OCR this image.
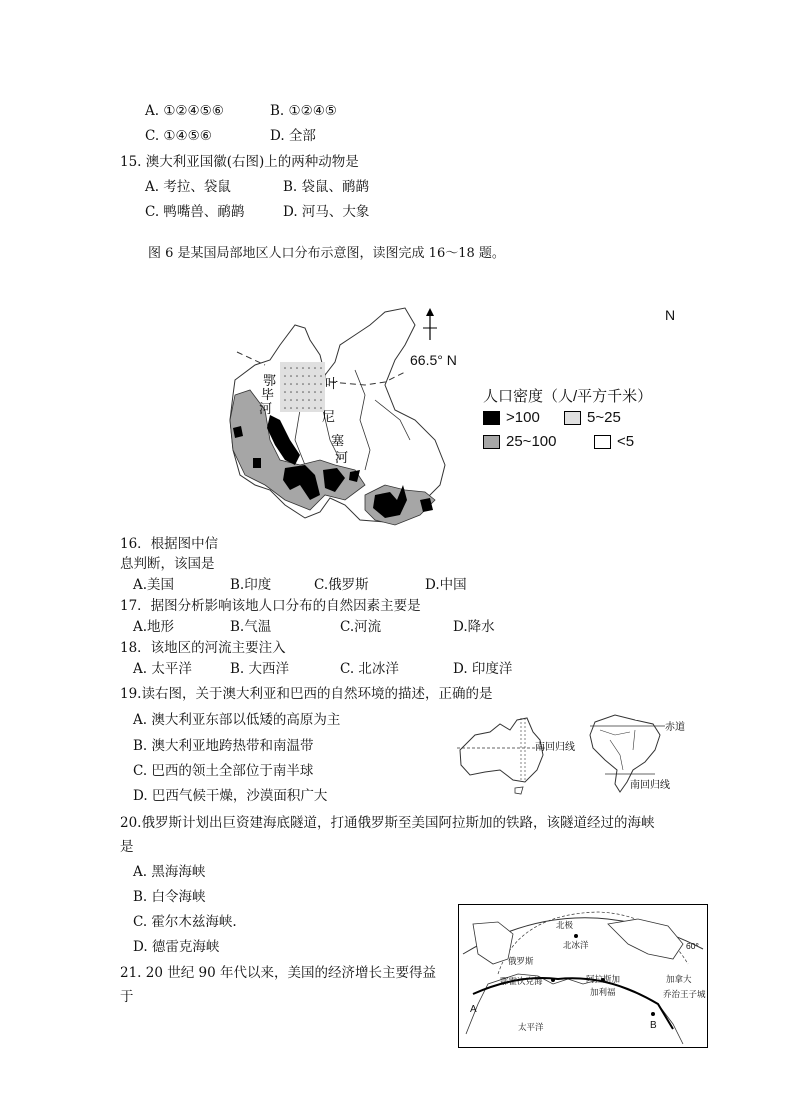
A. ①②④⑤⑥	B. ①②④⑤
C. ①④⑤⑥	D. 全部
15. 澳大利亚国徽(右图)上的两种动物是
A. 考拉、袋鼠	B. 袋鼠、鸸鹋
C. 鸭嘴兽、鸸鹋	D. 河马、大象
图 6 是某国局部地区人口分布示意图，读图完成 16～18 题。
鄂
毕
河
叶
尼
塞
河
N
66.5° N
人口密度（人/平方千米）
>100	5~25
25~100	<5
16．根据图中信
息判断，该国是
A.美国	B.印度	C.俄罗斯	D.中国
17．据图分析影响该地人口分布的自然因素主要是
A.地形	B.气温	C.河流	D.降水
18．该地区的河流主要注入
A. 太平洋	B. 大西洋	C. 北冰洋	D. 印度洋
19.读右图，关于澳大利亚和巴西的自然环境的描述，正确的是
A. 澳大利亚东部以低矮的高原为主
B. 澳大利亚地跨热带和南温带
C. 巴西的领土全部位于南半球
D. 巴西气候干燥，沙漠面积广大
南回归线
赤道
南回归线
20.俄罗斯计划出巨资建海底隧道，打通俄罗斯至美国阿拉斯加的铁路，该隧道经过的海峡
是
A. 黑海海峡
B. 白令海峡
C. 霍尔木兹海峡.
D. 德雷克海峡
北极
俄罗斯
北冰洋	60°
鄂霍次克海	阿拉斯加	加拿大
加利福	乔治王子城
太平洋
A
B
21. 20 世纪 90 年代以来，美国的经济增长主要得益
于
